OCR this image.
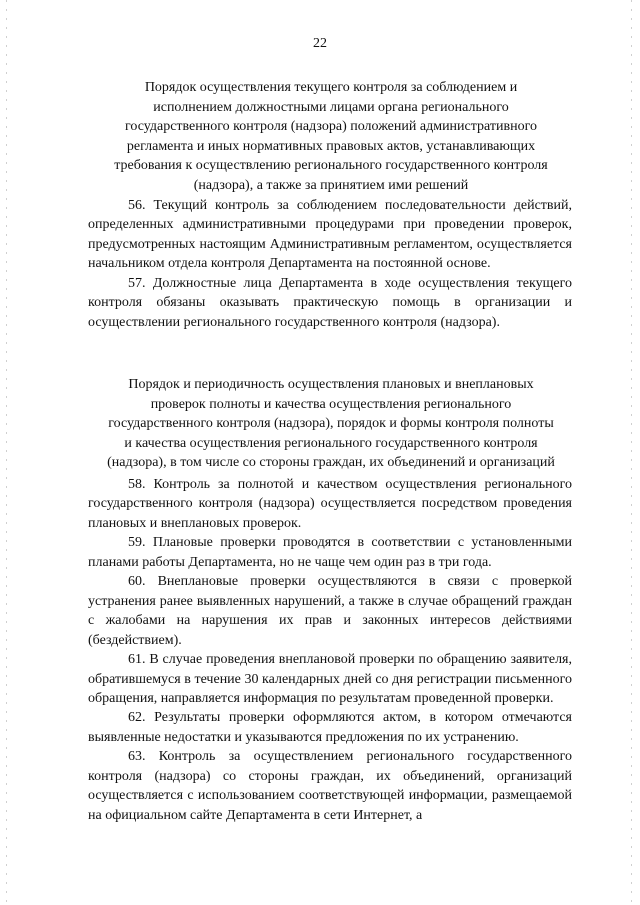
22
Порядок осуществления текущего контроля за соблюдением и
исполнением должностными лицами органа регионального
государственного контроля (надзора) положений административного
регламента и иных нормативных правовых актов, устанавливающих
требования к осуществлению регионального государственного контроля
(надзора), а также за принятием ими решений

56. Текущий контроль за соблюдением последовательности действий, определенных административными процедурами при проведении проверок, предусмотренных настоящим Административным регламентом, осуществляется начальником отдела контроля Департамента на постоянной основе.

57. Должностные лица Департамента в ходе осуществления текущего контроля обязаны оказывать практическую помощь в организации и осуществлении регионального государственного контроля (надзора).

Порядок и периодичность осуществления плановых и внеплановых
проверок полноты и качества осуществления регионального
государственного контроля (надзора), порядок и формы контроля полноты
и качества осуществления регионального государственного контроля
(надзора), в том числе со стороны граждан, их объединений и организаций

58. Контроль за полнотой и качеством осуществления регионального государственного контроля (надзора) осуществляется посредством проведения плановых и внеплановых проверок.

59. Плановые проверки проводятся в соответствии с установленными планами работы Департамента, но не чаще чем один раз в три года.

60. Внеплановые проверки осуществляются в связи с проверкой устранения ранее выявленных нарушений, а также в случае обращений граждан с жалобами на нарушения их прав и законных интересов действиями (бездействием).

61. В случае проведения внеплановой проверки по обращению заявителя, обратившемуся в течение 30 календарных дней со дня регистрации письменного обращения, направляется информация по результатам проведенной проверки.

62. Результаты проверки оформляются актом, в котором отмечаются выявленные недостатки и указываются предложения по их устранению.

63. Контроль за осуществлением регионального государственного контроля (надзора) со стороны граждан, их объединений, организаций осуществляется с использованием соответствующей информации, размещаемой на официальном сайте Департамента в сети Интернет, а
